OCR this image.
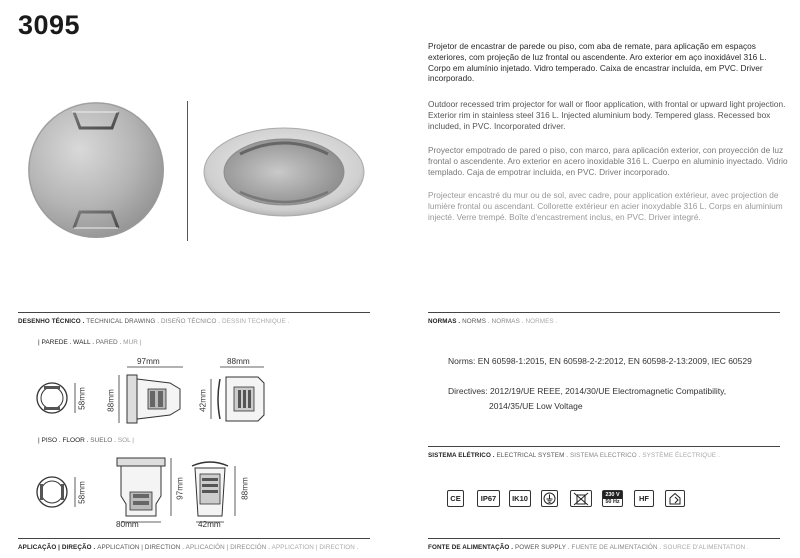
3095
Projetor de encastrar de parede ou piso, com aba de remate, para aplicação em espaços exteriores, com projeção de luz frontal ou ascendente. Aro exterior em aço inoxidável 316 L. Corpo em alumínio injetado. Vidro temperado. Caixa de encastrar incluída, em PVC. Driver incorporado.
Outdoor recessed trim projector for wall or floor application, with frontal or upward light projection. Exterior rim in stainless steel 316 L. Injected aluminium body. Tempered glass. Recessed box included, in PVC. Incorporated driver.
Proyector empotrado de pared o piso, con marco, para aplicación exterior, con proyección de luz frontal o ascendente. Aro exterior en acero inoxidable 316 L. Cuerpo en aluminio inyectado. Vidrio templado. Caja de empotrar incluida, en PVC. Driver incorporado.
Projecteur encastré du mur ou de sol, avec cadre, pour application extérieur, avec projection de lumière frontal ou ascendant. Collorette extérieur en acier inoxydable 316 L. Corps en aluminium injecté. Verre trempé. Boîte d'encastrement inclus, en PVC. Driver integré.
DESENHO TÉCNICO . TECHNICAL DRAWING . DISEÑO TÉCNICO . DESSIN TECHNIQUE .
| PAREDE . WALL . PARED . MUR |
58mm
97mm
88mm
88mm
42mm
| PISO . FLOOR . SUELO . SOL |
58mm	97mm
80mm
88mm
42mm
APLICAÇÃO | DIREÇÃO . APPLICATION | DIRECTION . APLICACIÓN | DIRECCIÓN . APPLICATION | DIRECTION .
NORMAS . NORMS . NORMAS . NORMES .
Norms: EN 60598-1:2015, EN 60598-2-2:2012, EN 60598-2-13:2009, IEC 60529
Directives: 2012/19/UE REEE, 2014/30/UE Electromagnetic Compatibility,
2014/35/UE Low Voltage
SISTEMA ELÉTRICO . ELECTRICAL SYSTEM . SISTEMA ELECTRICO . SYSTÈME ÉLECTRIQUE .
CE	IP67 IK10	230 V
50 Hz	HF
FONTE DE ALIMENTAÇÃO . POWER SUPPLY . FUENTE DE ALIMENTACIÓN . SOURCE D'ALIMENTATION .
